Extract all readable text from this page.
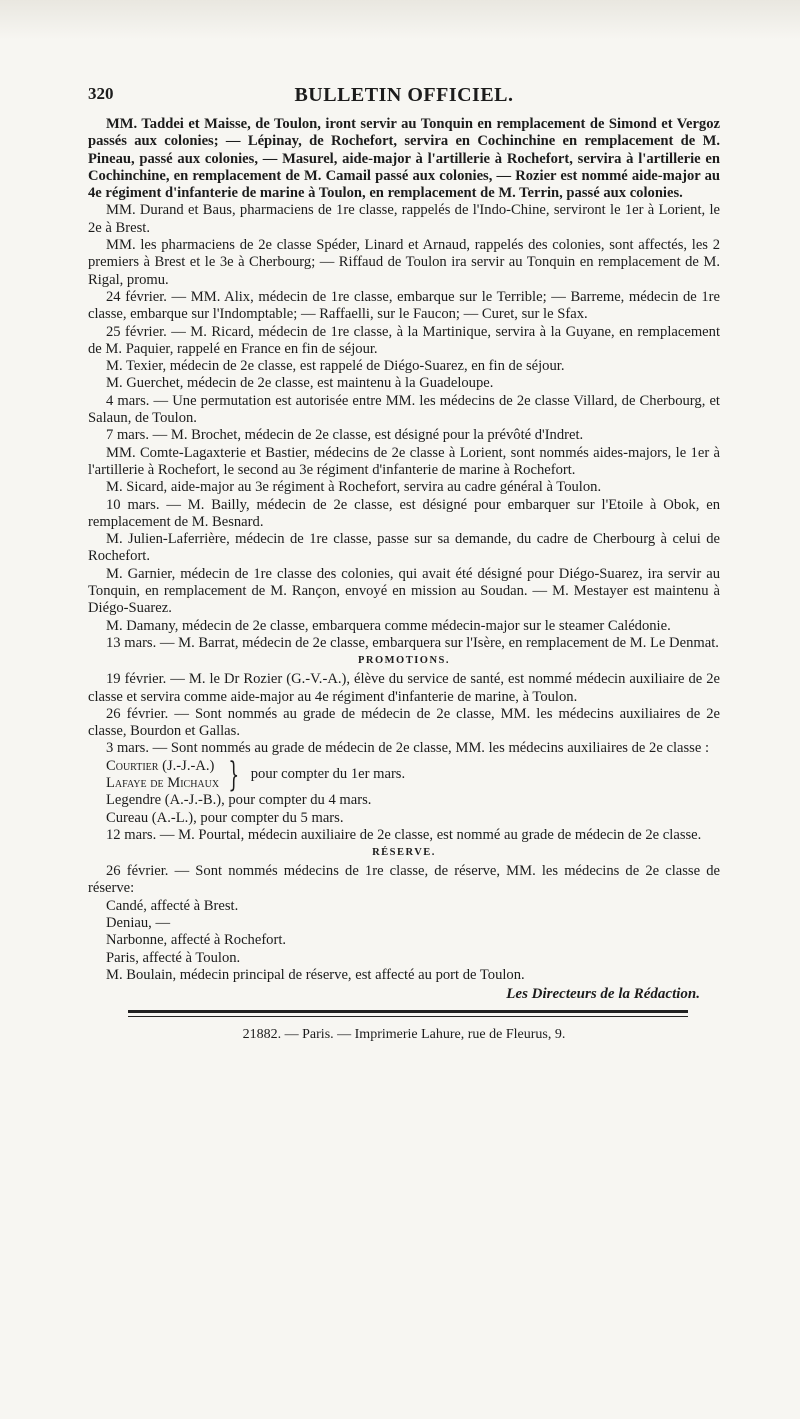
320	BULLETIN OFFICIEL.

MM. Taddei et Maisse, de Toulon, iront servir au Tonquin en remplacement de Simond et Vergoz passés aux colonies; — Lépinay, de Rochefort, servira en Cochinchine en remplacement de M. Pineau, passé aux colonies, — Masurel, aide-major à l'artillerie à Rochefort, servira à l'artillerie en Cochinchine, en remplacement de M. Camail passé aux colonies, — Rozier est nommé aide-major au 4e régiment d'infanterie de marine à Toulon, en remplacement de M. Terrin, passé aux colonies.

MM. Durand et Baus, pharmaciens de 1re classe, rappelés de l'Indo-Chine, serviront le 1er à Lorient, le 2e à Brest.

MM. les pharmaciens de 2e classe Spéder, Linard et Arnaud, rappelés des colonies, sont affectés, les 2 premiers à Brest et le 3e à Cherbourg; — Riffaud de Toulon ira servir au Tonquin en remplacement de M. Rigal, promu.

24 février. — MM. Alix, médecin de 1re classe, embarque sur le Terrible; — Barreme, médecin de 1re classe, embarque sur l'Indomptable; — Raffaelli, sur le Faucon; — Curet, sur le Sfax.

25 février. — M. Ricard, médecin de 1re classe, à la Martinique, servira à la Guyane, en remplacement de M. Paquier, rappelé en France en fin de séjour.

M. Texier, médecin de 2e classe, est rappelé de Diégo-Suarez, en fin de séjour.

M. Guerchet, médecin de 2e classe, est maintenu à la Guadeloupe.

4 mars. — Une permutation est autorisée entre MM. les médecins de 2e classe Villard, de Cherbourg, et Salaun, de Toulon.

7 mars. — M. Brochet, médecin de 2e classe, est désigné pour la prévôté d'Indret.

MM. Comte-Lagaxterie et Bastier, médecins de 2e classe à Lorient, sont nommés aides-majors, le 1er à l'artillerie à Rochefort, le second au 3e régiment d'infanterie de marine à Rochefort.

M. Sicard, aide-major au 3e régiment à Rochefort, servira au cadre général à Toulon.

10 mars. — M. Bailly, médecin de 2e classe, est désigné pour embarquer sur l'Etoile à Obok, en remplacement de M. Besnard.

M. Julien-Laferrière, médecin de 1re classe, passe sur sa demande, du cadre de Cherbourg à celui de Rochefort.

M. Garnier, médecin de 1re classe des colonies, qui avait été désigné pour Diégo-Suarez, ira servir au Tonquin, en remplacement de M. Rançon, envoyé en mission au Soudan. — M. Mestayer est maintenu à Diégo-Suarez.

M. Damany, médecin de 2e classe, embarquera comme médecin-major sur le steamer Calédonie.

13 mars. — M. Barrat, médecin de 2e classe, embarquera sur l'Isère, en remplacement de M. Le Denmat.

PROMOTIONS.

19 février. — M. le Dr Rozier (G.-V.-A.), élève du service de santé, est nommé médecin auxiliaire de 2e classe et servira comme aide-major au 4e régiment d'infanterie de marine, à Toulon.

26 février. — Sont nommés au grade de médecin de 2e classe, MM. les médecins auxiliaires de 2e classe, Bourdon et Gallas.

3 mars. — Sont nommés au grade de médecin de 2e classe, MM. les médecins auxiliaires de 2e classe :

Courtier (J.-J.-A.)
Lafaye de Michaux } pour compter du 1er mars.
Legendre (A.-J.-B.), pour compter du 4 mars.
Cureau (A.-L.), pour compter du 5 mars.

12 mars. — M. Pourtal, médecin auxiliaire de 2e classe, est nommé au grade de médecin de 2e classe.

RÉSERVE.

26 février. — Sont nommés médecins de 1re classe, de réserve, MM. les médecins de 2e classe de réserve:

Candé, affecté à Brest.
Deniau, —
Narbonne, affecté à Rochefort.
Paris, affecté à Toulon.

M. Boulain, médecin principal de réserve, est affecté au port de Toulon.

Les Directeurs de la Rédaction.
21882. — Paris. — Imprimerie Lahure, rue de Fleurus, 9.
